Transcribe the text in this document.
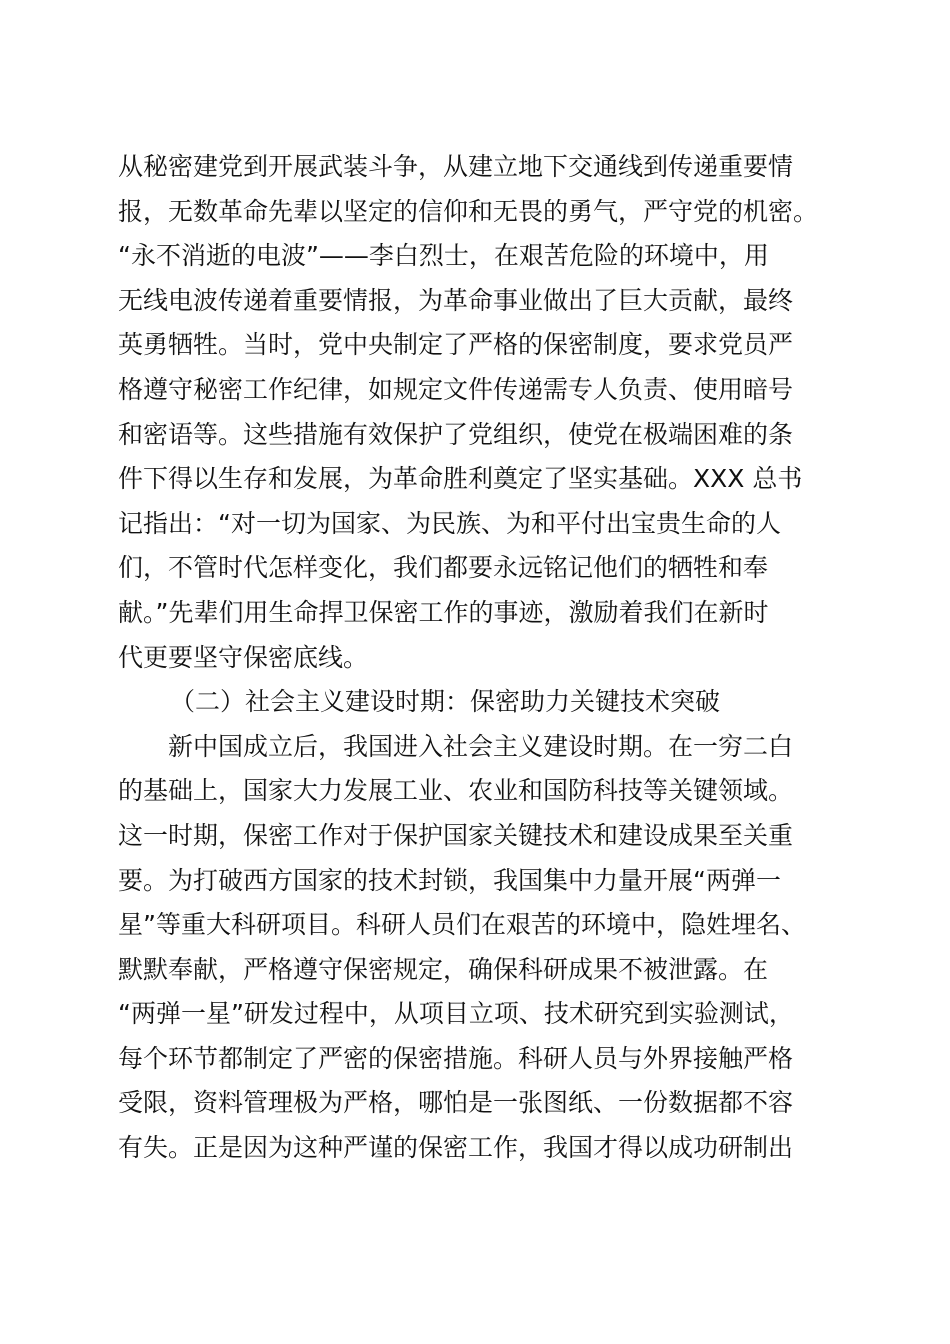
从秘密建党到开展武装斗争，从建立地下交通线到传递重要情
报，无数革命先辈以坚定的信仰和无畏的勇气，严守党的机密。
“永不消逝的电波”——李白烈士，在艰苦危险的环境中，用
无线电波传递着重要情报，为革命事业做出了巨大贡献，最终
英勇牺牲。当时，党中央制定了严格的保密制度，要求党员严
格遵守秘密工作纪律，如规定文件传递需专人负责、使用暗号
和密语等。这些措施有效保护了党组织，使党在极端困难的条
件下得以生存和发展，为革命胜利奠定了坚实基础。XXX 总书
记指出：“对一切为国家、为民族、为和平付出宝贵生命的人
们，不管时代怎样变化，我们都要永远铭记他们的牺牲和奉
献。”先辈们用生命捍卫保密工作的事迹，激励着我们在新时
代更要坚守保密底线。
（二）社会主义建设时期：保密助力关键技术突破
新中国成立后，我国进入社会主义建设时期。在一穷二白
的基础上，国家大力发展工业、农业和国防科技等关键领域。
这一时期，保密工作对于保护国家关键技术和建设成果至关重
要。为打破西方国家的技术封锁，我国集中力量开展“两弹一
星”等重大科研项目。科研人员们在艰苦的环境中，隐姓埋名、
默默奉献，严格遵守保密规定，确保科研成果不被泄露。在
“两弹一星”研发过程中，从项目立项、技术研究到实验测试，
每个环节都制定了严密的保密措施。科研人员与外界接触严格
受限，资料管理极为严格，哪怕是一张图纸、一份数据都不容
有失。正是因为这种严谨的保密工作，我国才得以成功研制出
